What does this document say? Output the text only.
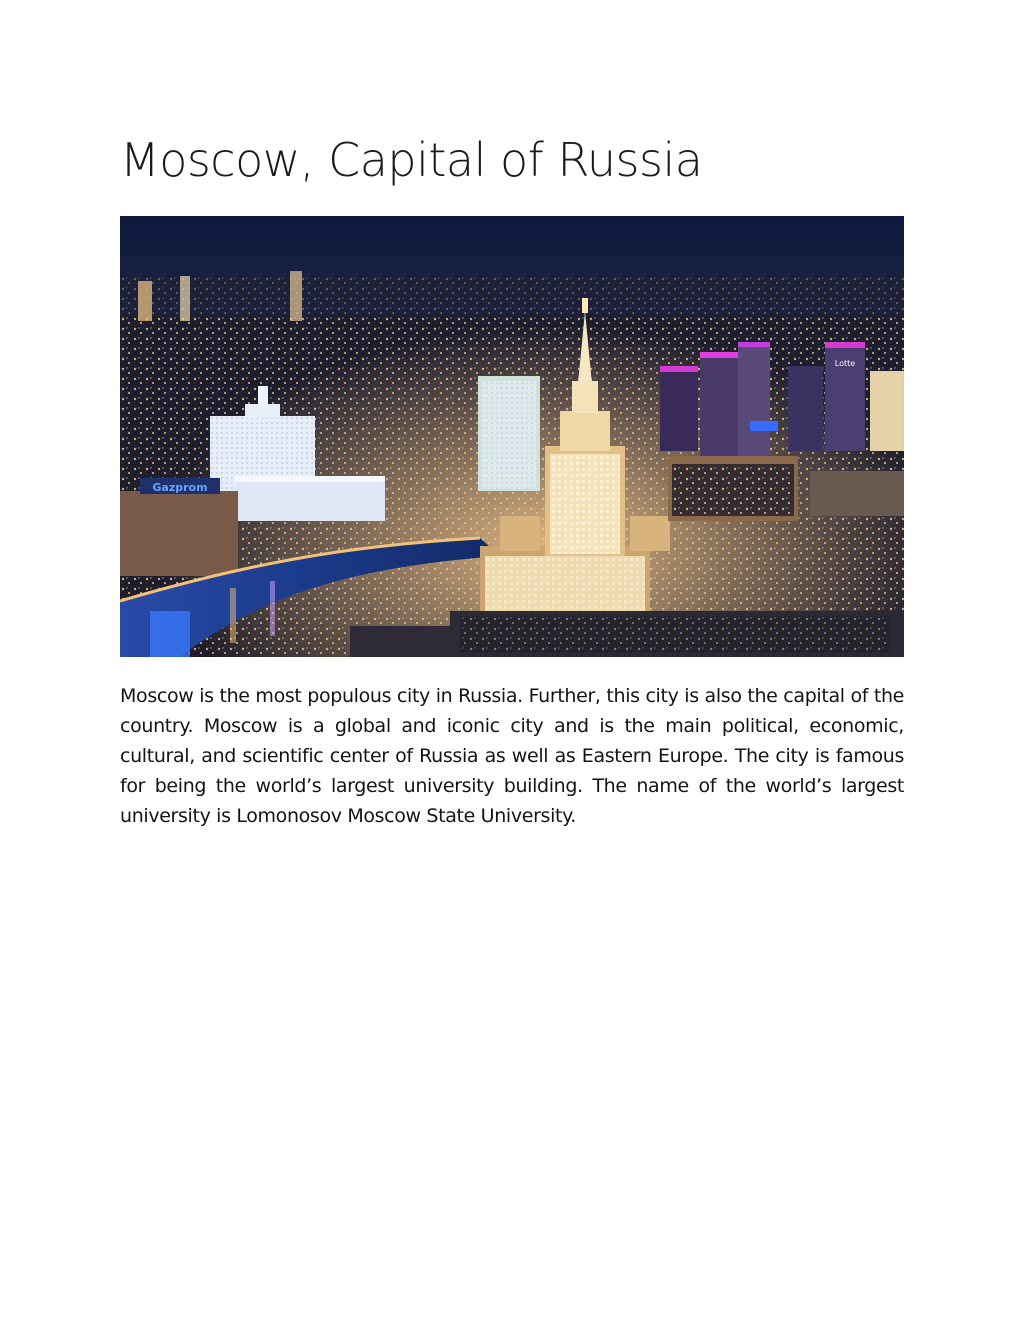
Moscow, Capital of Russia
Gazprom
Lotte

Moscow is the most populous city in Russia. Further, this city is also the capital of the country. Moscow is a global and iconic city and is the main political, economic, cultural, and scientific center of Russia as well as Eastern Europe. The city is famous for being the world’s largest university building. The name of the world’s largest university is Lomonosov Moscow State University.
